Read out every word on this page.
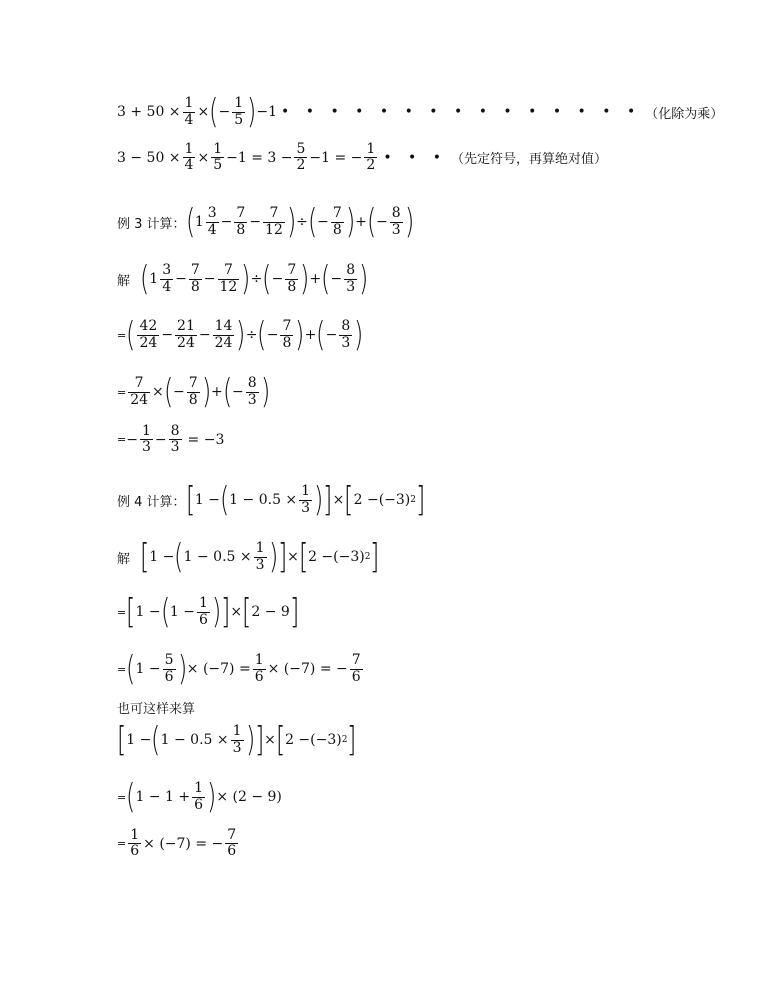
$3 + 50 \times \frac{1}{4}$ × ( − $\frac{1}{5}$ ) −1 • • • • • • • • • • • • • • • （化除为乘）
$3 - 50 \times \frac{1}{4} \times \frac{1}{5} -1 = 3 - \frac{5}{2} -1$ = − $\frac{1}{2}$ • • • （先定符号，再算绝对值）
例 3 计算： ( $1 \frac{3}{4} - \frac{7}{8} - \frac{7}{12}$ ) ÷ ( − $\frac{7}{8}$ ) + ( − $\frac{8}{3}$ )
解 ( $1 \frac{3}{4} - \frac{7}{8} - \frac{7}{12}$ ) ÷ ( − $\frac{7}{8}$ ) + ( − $\frac{8}{3}$ )
= ( $\frac{42}{24} - \frac{21}{24} - \frac{14}{24}$ ) ÷ ( − $\frac{7}{8}$ ) + ( − $\frac{8}{3}$ )
= $\frac{7}{24}$ × ( − $\frac{7}{8}$ ) + ( − $\frac{8}{3}$ )
= − $\frac{1}{3} - \frac{8}{3} = -3$
例 4 计算： [ 1 − ( $1 - 0.5 \times \frac{1}{3}$ ) ] × [ 2 − (−3) 2 ]
解 [ 1 − ( $1 - 0.5 \times \frac{1}{3}$ ) ] × [ 2 − (−3) 2 ]
= [ 1 − ( $1 - \frac{1}{6}$ ) ] × [ 2 − 9 ]
= ( $1 - \frac{5}{6}$ ) × $(-7) = \frac{1}{6} \times (-7)$ = − $\frac{7}{6}$
也可这样来算
[ 1 − ( $1 - 0.5 \times \frac{1}{3}$ ) ] × [ 2 − (−3) 2 ]
= ( $1 - 1 + \frac{1}{6}$ ) × (2 − 9)
= $\frac{1}{6} \times (-7)$ = − $\frac{7}{6}$
